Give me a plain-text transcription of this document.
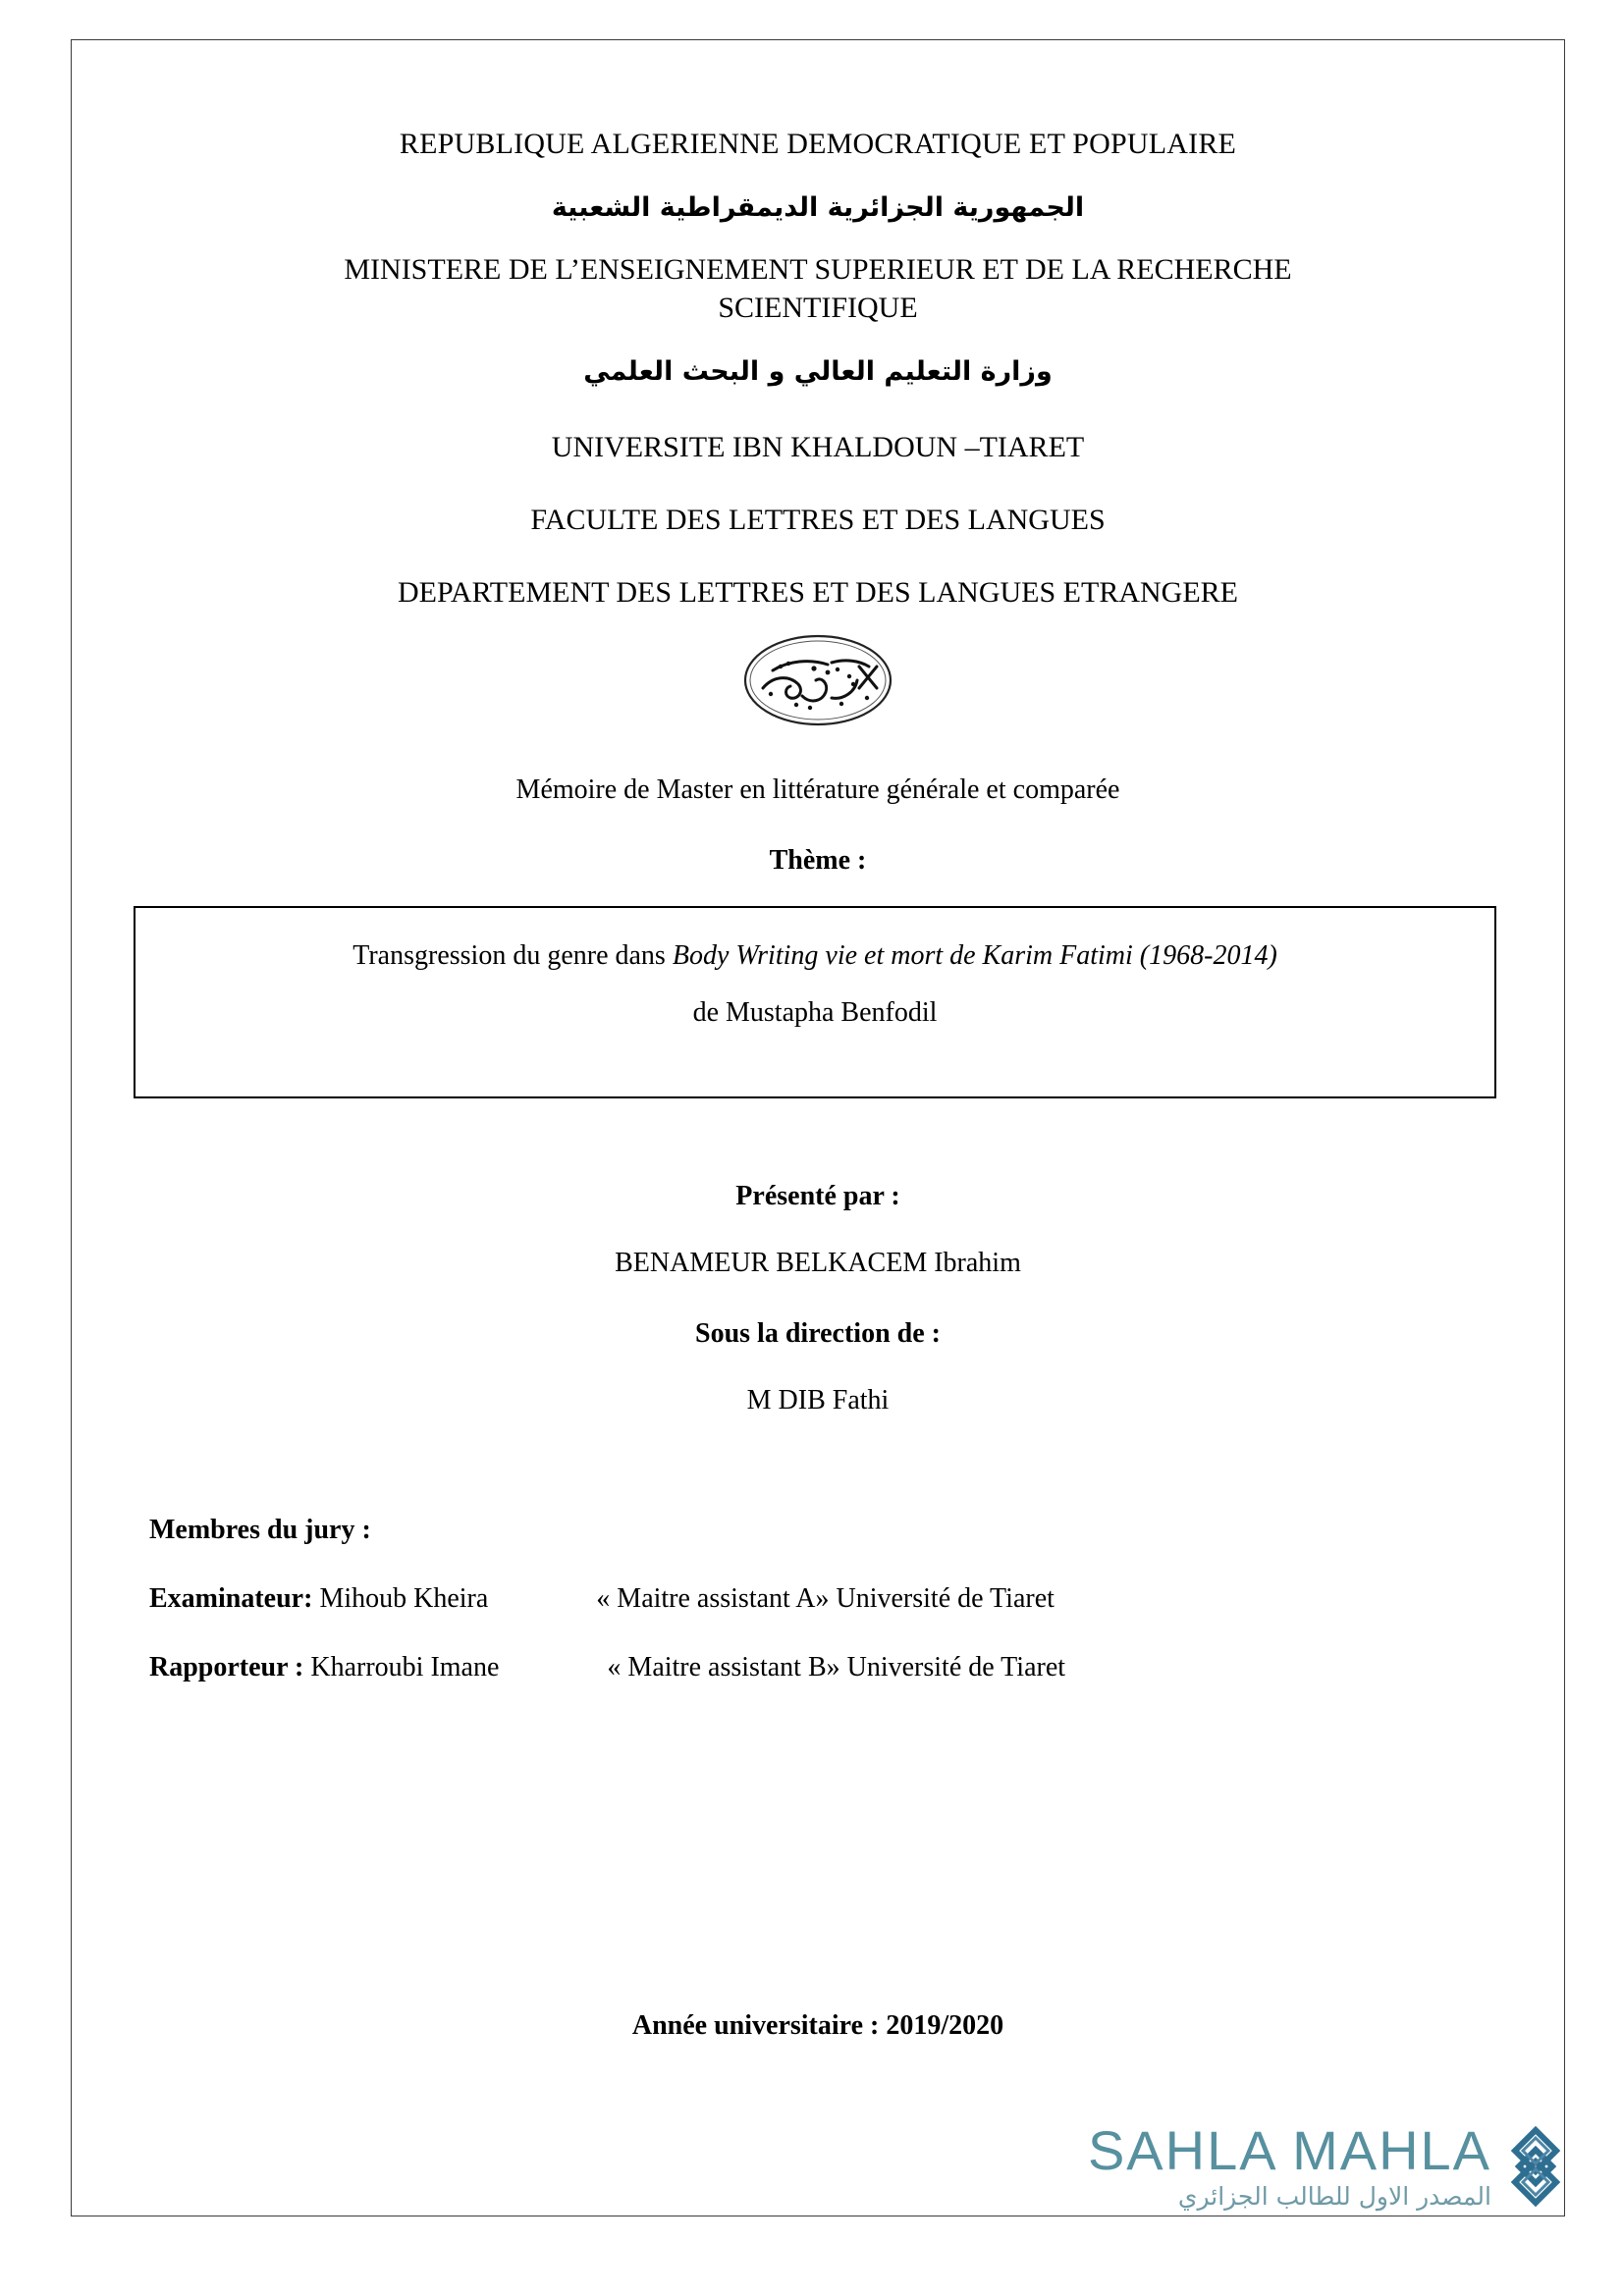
REPUBLIQUE ALGERIENNE DEMOCRATIQUE ET POPULAIRE
الجمهورية الجزائرية الديمقراطية الشعبية
MINISTERE DE L’ENSEIGNEMENT SUPERIEUR ET DE LA RECHERCHE SCIENTIFIQUE
وزارة التعليم العالي و البحث العلمي
UNIVERSITE IBN KHALDOUN –TIARET
FACULTE DES LETTRES ET DES LANGUES
DEPARTEMENT DES LETTRES ET DES LANGUES ETRANGERE
Mémoire de Master en littérature générale et comparée
Thème :
Transgression du genre dans Body Writing vie et mort de Karim Fatimi (1968-2014)
de Mustapha Benfodil
Présenté par :
BENAMEUR BELKACEM Ibrahim
Sous la direction de :
M DIB Fathi
Membres du jury :
Examinateur: Mihoub Kheira	« Maitre assistant A» Université de Tiaret
Rapporteur : Kharroubi Imane	« Maitre assistant B» Université de Tiaret
Année universitaire : 2019/2020
SAHLA MAHLA
المصدر الاول للطالب الجزائري
